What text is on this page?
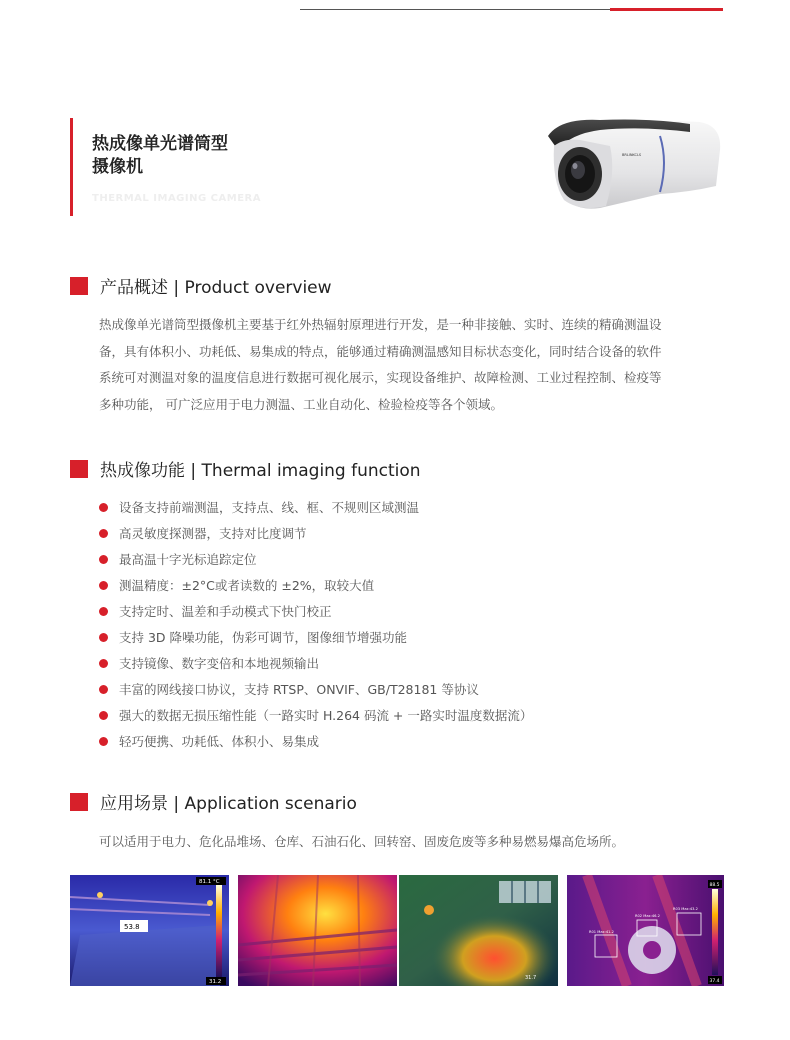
热成像单光谱筒型
摄像机
THERMAL IMAGING CAMERA
BRLINKCLS
产品概述 | Product overview
热成像单光谱筒型摄像机主要基于红外热辐射原理进行开发，是一种非接触、实时、连续的精确测温设
备，具有体积小、功耗低、易集成的特点，能够通过精确测温感知目标状态变化，同时结合设备的软件
系统可对测温对象的温度信息进行数据可视化展示，实现设备维护、故障检测、工业过程控制、检疫等
多种功能， 可广泛应用于电力测温、工业自动化、检验检疫等各个领域。
热成像功能 | Thermal imaging function
设备支持前端测温，支持点、线、框、不规则区域测温
高灵敏度探测器，支持对比度调节
最高温十字光标追踪定位
测温精度：±2°C或者读数的 ±2%，取较大值
支持定时、温差和手动模式下快门校正
支持 3D 降噪功能，伪彩可调节，图像细节增强功能
支持镜像、数字变倍和本地视频输出
丰富的网线接口协议，支持 RTSP、ONVIF、GB/T28181 等协议
强大的数据无损压缩性能（一路实时 H.264 码流 + 一路实时温度数据流）
轻巧便携、功耗低、体积小、易集成
应用场景 | Application scenario
可以适用于电力、危化品堆场、仓库、石油石化、回转窑、固废危废等多种易燃易爆高危场所。
53.8
81.1 °C
31.2
31.7
R01 Max:41.2
R02 Max:46.2
R03 Max:43.2
88.5
37.4
